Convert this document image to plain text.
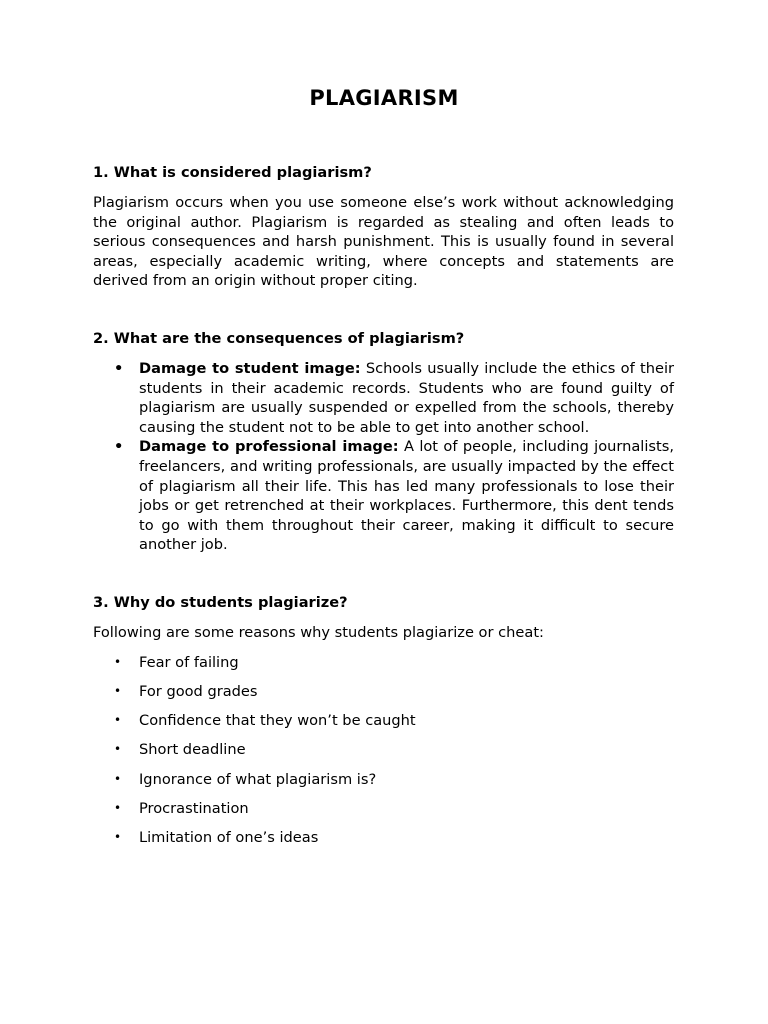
PLAGIARISM

1. What is considered plagiarism?

Plagiarism occurs when you use someone else’s work without acknowledging the original author. Plagiarism is regarded as stealing and often leads to serious consequences and harsh punishment. This is usually found in several areas, especially academic writing, where concepts and statements are derived from an origin without proper citing.

2. What are the consequences of plagiarism?

• Damage to student image: Schools usually include the ethics of their students in their academic records. Students who are found guilty of plagiarism are usually suspended or expelled from the schools, thereby causing the student not to be able to get into another school.
• Damage to professional image: A lot of people, including journalists, freelancers, and writing professionals, are usually impacted by the effect of plagiarism all their life. This has led many professionals to lose their jobs or get retrenched at their workplaces. Furthermore, this dent tends to go with them throughout their career, making it difficult to secure another job.

3. Why do students plagiarize?

Following are some reasons why students plagiarize or cheat:

• Fear of failing
• For good grades
• Confidence that they won’t be caught
• Short deadline
• Ignorance of what plagiarism is?
• Procrastination
• Limitation of one’s ideas
